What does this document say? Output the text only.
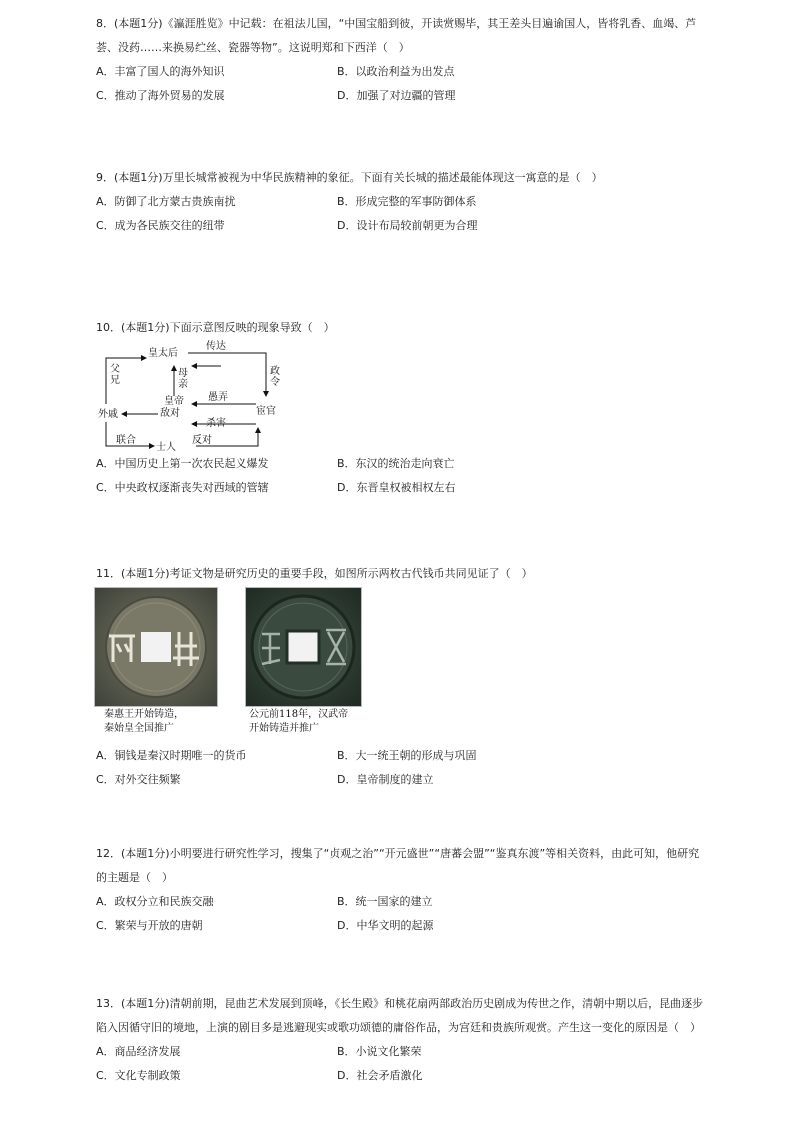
8．(本题1分)《瀛涯胜览》中记载：在祖法儿国，“中国宝船到彼，开读赏赐毕，其王差头目遍谕国人，皆将乳香、血竭、芦荟、没药……来换易纻丝、瓷器等物”。这说明郑和下西洋（　）

A．丰富了国人的海外知识	B．以政治利益为出发点
C．推动了海外贸易的发展	D．加强了对边疆的管理

9．(本题1分)万里长城常被视为中华民族精神的象征。下面有关长城的描述最能体现这一寓意的是（　）

A．防御了北方蒙古贵族南扰	B．形成完整的军事防御体系
C．成为各民族交往的纽带	D．设计布局较前朝更为合理

10．(本题1分)下面示意图反映的现象导致（　）

A．中国历史上第一次农民起义爆发	B．东汉的统治走向衰亡
C．中央政权逐渐丧失对西域的管辖	D．东晋皇权被相权左右
皇太后
传达
父兄
母亲
政令
皇帝 愚弄
敌对
外戚	宦官
杀害
联合	反对
士人

11．(本题1分)考证文物是研究历史的重要手段，如图所示两枚古代钱币共同见证了（　）

A．铜钱是秦汉时期唯一的货币	B．大一统王朝的形成与巩固
C．对外交往频繁	D．皇帝制度的建立
秦惠王开始铸造，
秦始皇全国推广
公元前118年，汉武帝
开始铸造并推广

12．(本题1分)小明要进行研究性学习，搜集了“贞观之治”“开元盛世”“唐蕃会盟”“鉴真东渡”等相关资料，由此可知，他研究的主题是（　）

A．政权分立和民族交融	B．统一国家的建立
C．繁荣与开放的唐朝	D．中华文明的起源

13．(本题1分)清朝前期，昆曲艺术发展到顶峰，《长生殿》和桃花扇两部政治历史剧成为传世之作，清朝中期以后，昆曲逐步陷入因循守旧的境地，上演的剧目多是逃避现实或歌功颂德的庸俗作品，为宫廷和贵族所观赏。产生这一变化的原因是（　）

A．商品经济发展	B．小说文化繁荣
C．文化专制政策	D．社会矛盾激化
